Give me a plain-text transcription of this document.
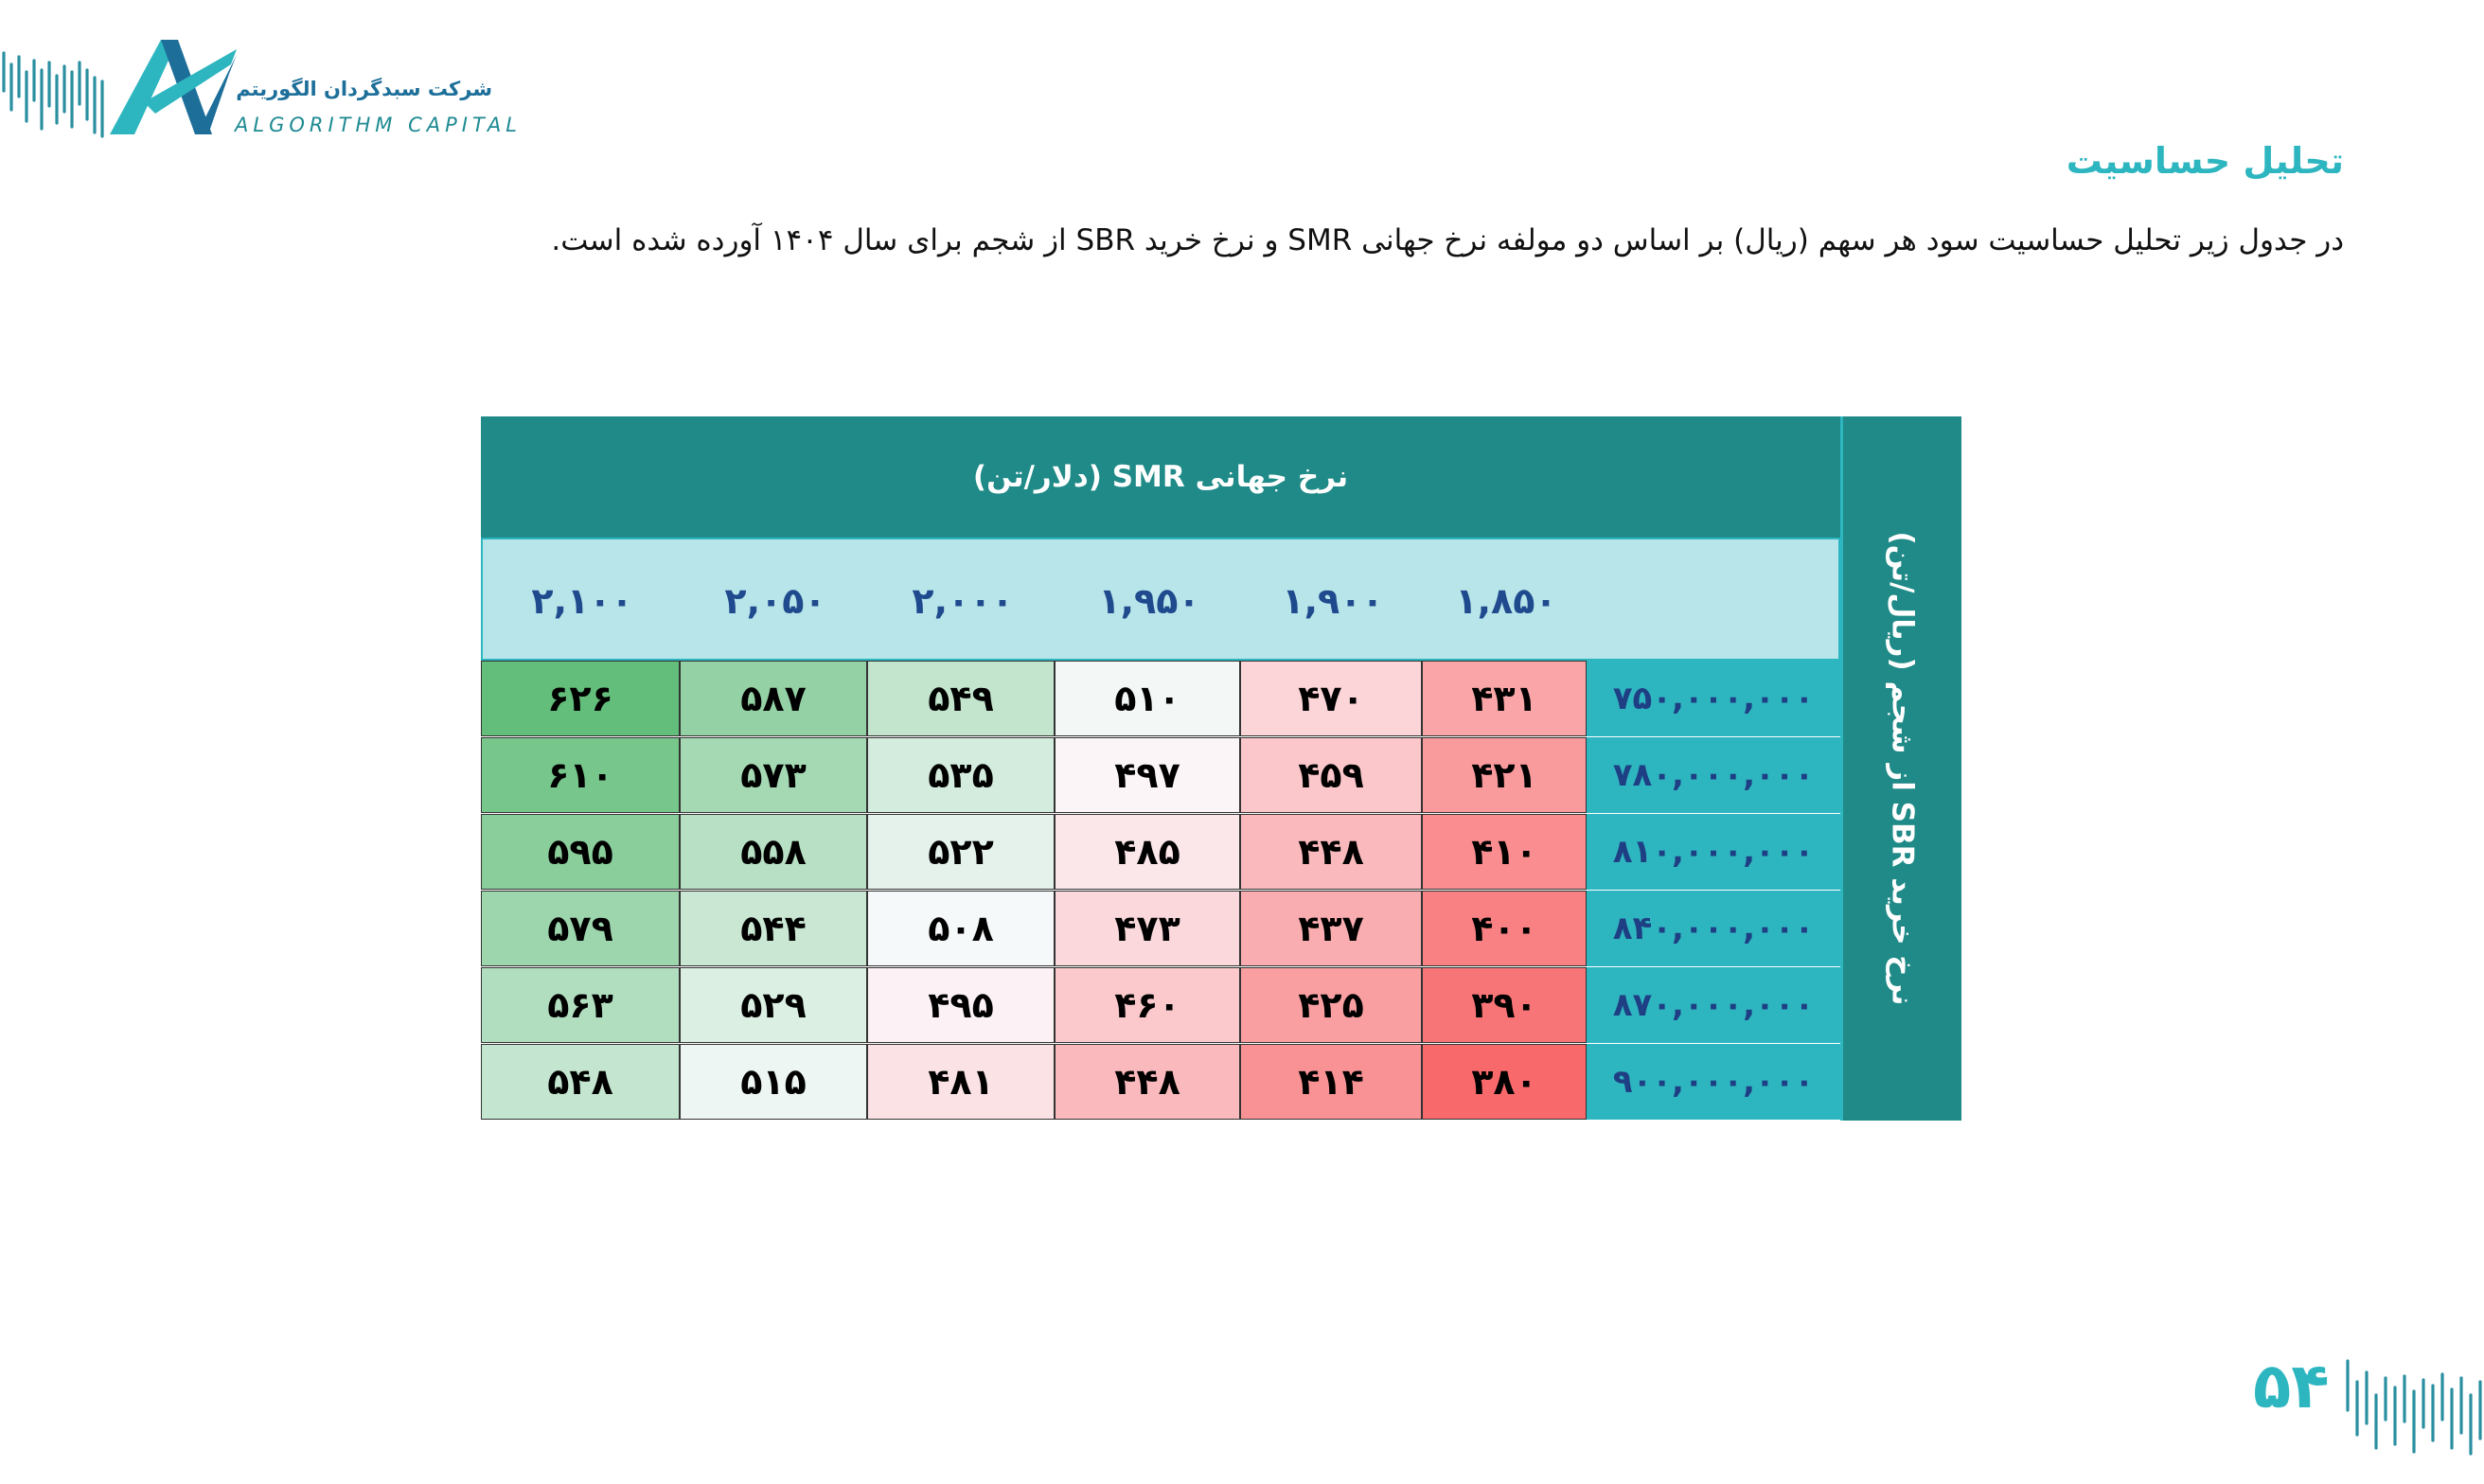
شرکت سبدگردان الگوریتم
ALGORITHM CAPITAL
تحلیل حساسیت
در جدول زیر تحلیل حساسیت سود هر سهم (ریال) بر اساس دو مولفه نرخ جهانی SMR و نرخ خرید SBR از شجم برای سال ۱۴۰۴ آورده شده است.
نرخ جهانی SMR (دلار/تن)
نرخ خرید SBR از شجم (ریال/تن)
۱,۸۵۰
۱,۹۰۰
۱,۹۵۰
۲,۰۰۰
۲,۰۵۰
۲,۱۰۰
۷۵۰,۰۰۰,۰۰۰
۴۳۱
۴۷۰
۵۱۰
۵۴۹
۵۸۷
۶۲۶
۷۸۰,۰۰۰,۰۰۰
۴۲۱
۴۵۹
۴۹۷
۵۳۵
۵۷۳
۶۱۰
۸۱۰,۰۰۰,۰۰۰
۴۱۰
۴۴۸
۴۸۵
۵۲۲
۵۵۸
۵۹۵
۸۴۰,۰۰۰,۰۰۰
۴۰۰
۴۳۷
۴۷۳
۵۰۸
۵۴۴
۵۷۹
۸۷۰,۰۰۰,۰۰۰
۳۹۰
۴۲۵
۴۶۰
۴۹۵
۵۲۹
۵۶۳
۹۰۰,۰۰۰,۰۰۰
۳۸۰
۴۱۴
۴۴۸
۴۸۱
۵۱۵
۵۴۸
۵۴
